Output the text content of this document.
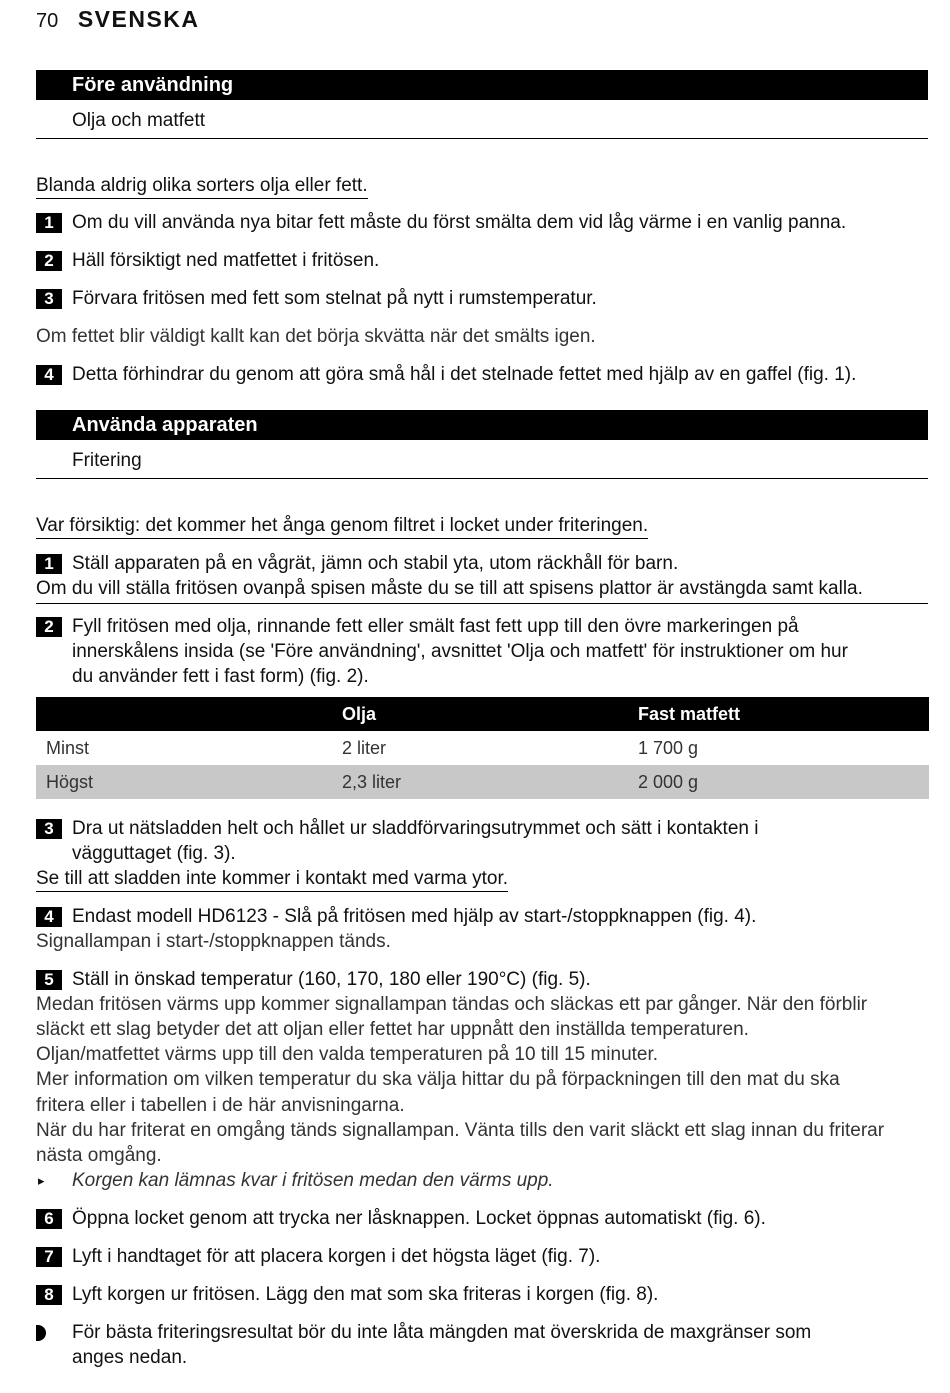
70 SVENSKA
Före användning
Olja och matfett
Blanda aldrig olika sorters olja eller fett.
1 Om du vill använda nya bitar fett måste du först smälta dem vid låg värme i en vanlig panna.
2 Häll försiktigt ned matfettet i fritösen.
3 Förvara fritösen med fett som stelnat på nytt i rumstemperatur.
Om fettet blir väldigt kallt kan det börja skvätta när det smälts igen.
4 Detta förhindrar du genom att göra små hål i det stelnade fettet med hjälp av en gaffel (fig. 1).
Använda apparaten
Fritering
Var försiktig: det kommer het ånga genom filtret i locket under friteringen.
1 Ställ apparaten på en vågrät, jämn och stabil yta, utom räckhåll för barn.
Om du vill ställa fritösen ovanpå spisen måste du se till att spisens plattor är avstängda samt kalla.
2 Fyll fritösen med olja, rinnande fett eller smält fast fett upp till den övre markeringen på
innerskålens insida (se 'Före användning', avsnittet 'Olja och matfett' för instruktioner om hur
du använder fett i fast form) (fig. 2).
	Olja	Fast matfett
Minst	2 liter	1 700 g
Högst	2,3 liter	2 000 g
3 Dra ut nätsladden helt och hållet ur sladdförvaringsutrymmet och sätt i kontakten i
vägguttaget (fig. 3).
Se till att sladden inte kommer i kontakt med varma ytor.
4 Endast modell HD6123 - Slå på fritösen med hjälp av start-/stoppknappen (fig. 4).
Signallampan i start-/stoppknappen tänds.
5 Ställ in önskad temperatur (160, 170, 180 eller 190°C) (fig. 5).
Medan fritösen värms upp kommer signallampan tändas och släckas ett par gånger. När den förblir
släckt ett slag betyder det att oljan eller fettet har uppnått den inställda temperaturen.
Oljan/matfettet värms upp till den valda temperaturen på 10 till 15 minuter.
Mer information om vilken temperatur du ska välja hittar du på förpackningen till den mat du ska
fritera eller i tabellen i de här anvisningarna.
När du har friterat en omgång tänds signallampan. Vänta tills den varit släckt ett slag innan du friterar
nästa omgång.
▸ Korgen kan lämnas kvar i fritösen medan den värms upp.
6 Öppna locket genom att trycka ner låsknappen. Locket öppnas automatiskt (fig. 6).
7 Lyft i handtaget för att placera korgen i det högsta läget (fig. 7).
8 Lyft korgen ur fritösen. Lägg den mat som ska friteras i korgen (fig. 8).
För bästa friteringsresultat bör du inte låta mängden mat överskrida de maxgränser som
anges nedan.
